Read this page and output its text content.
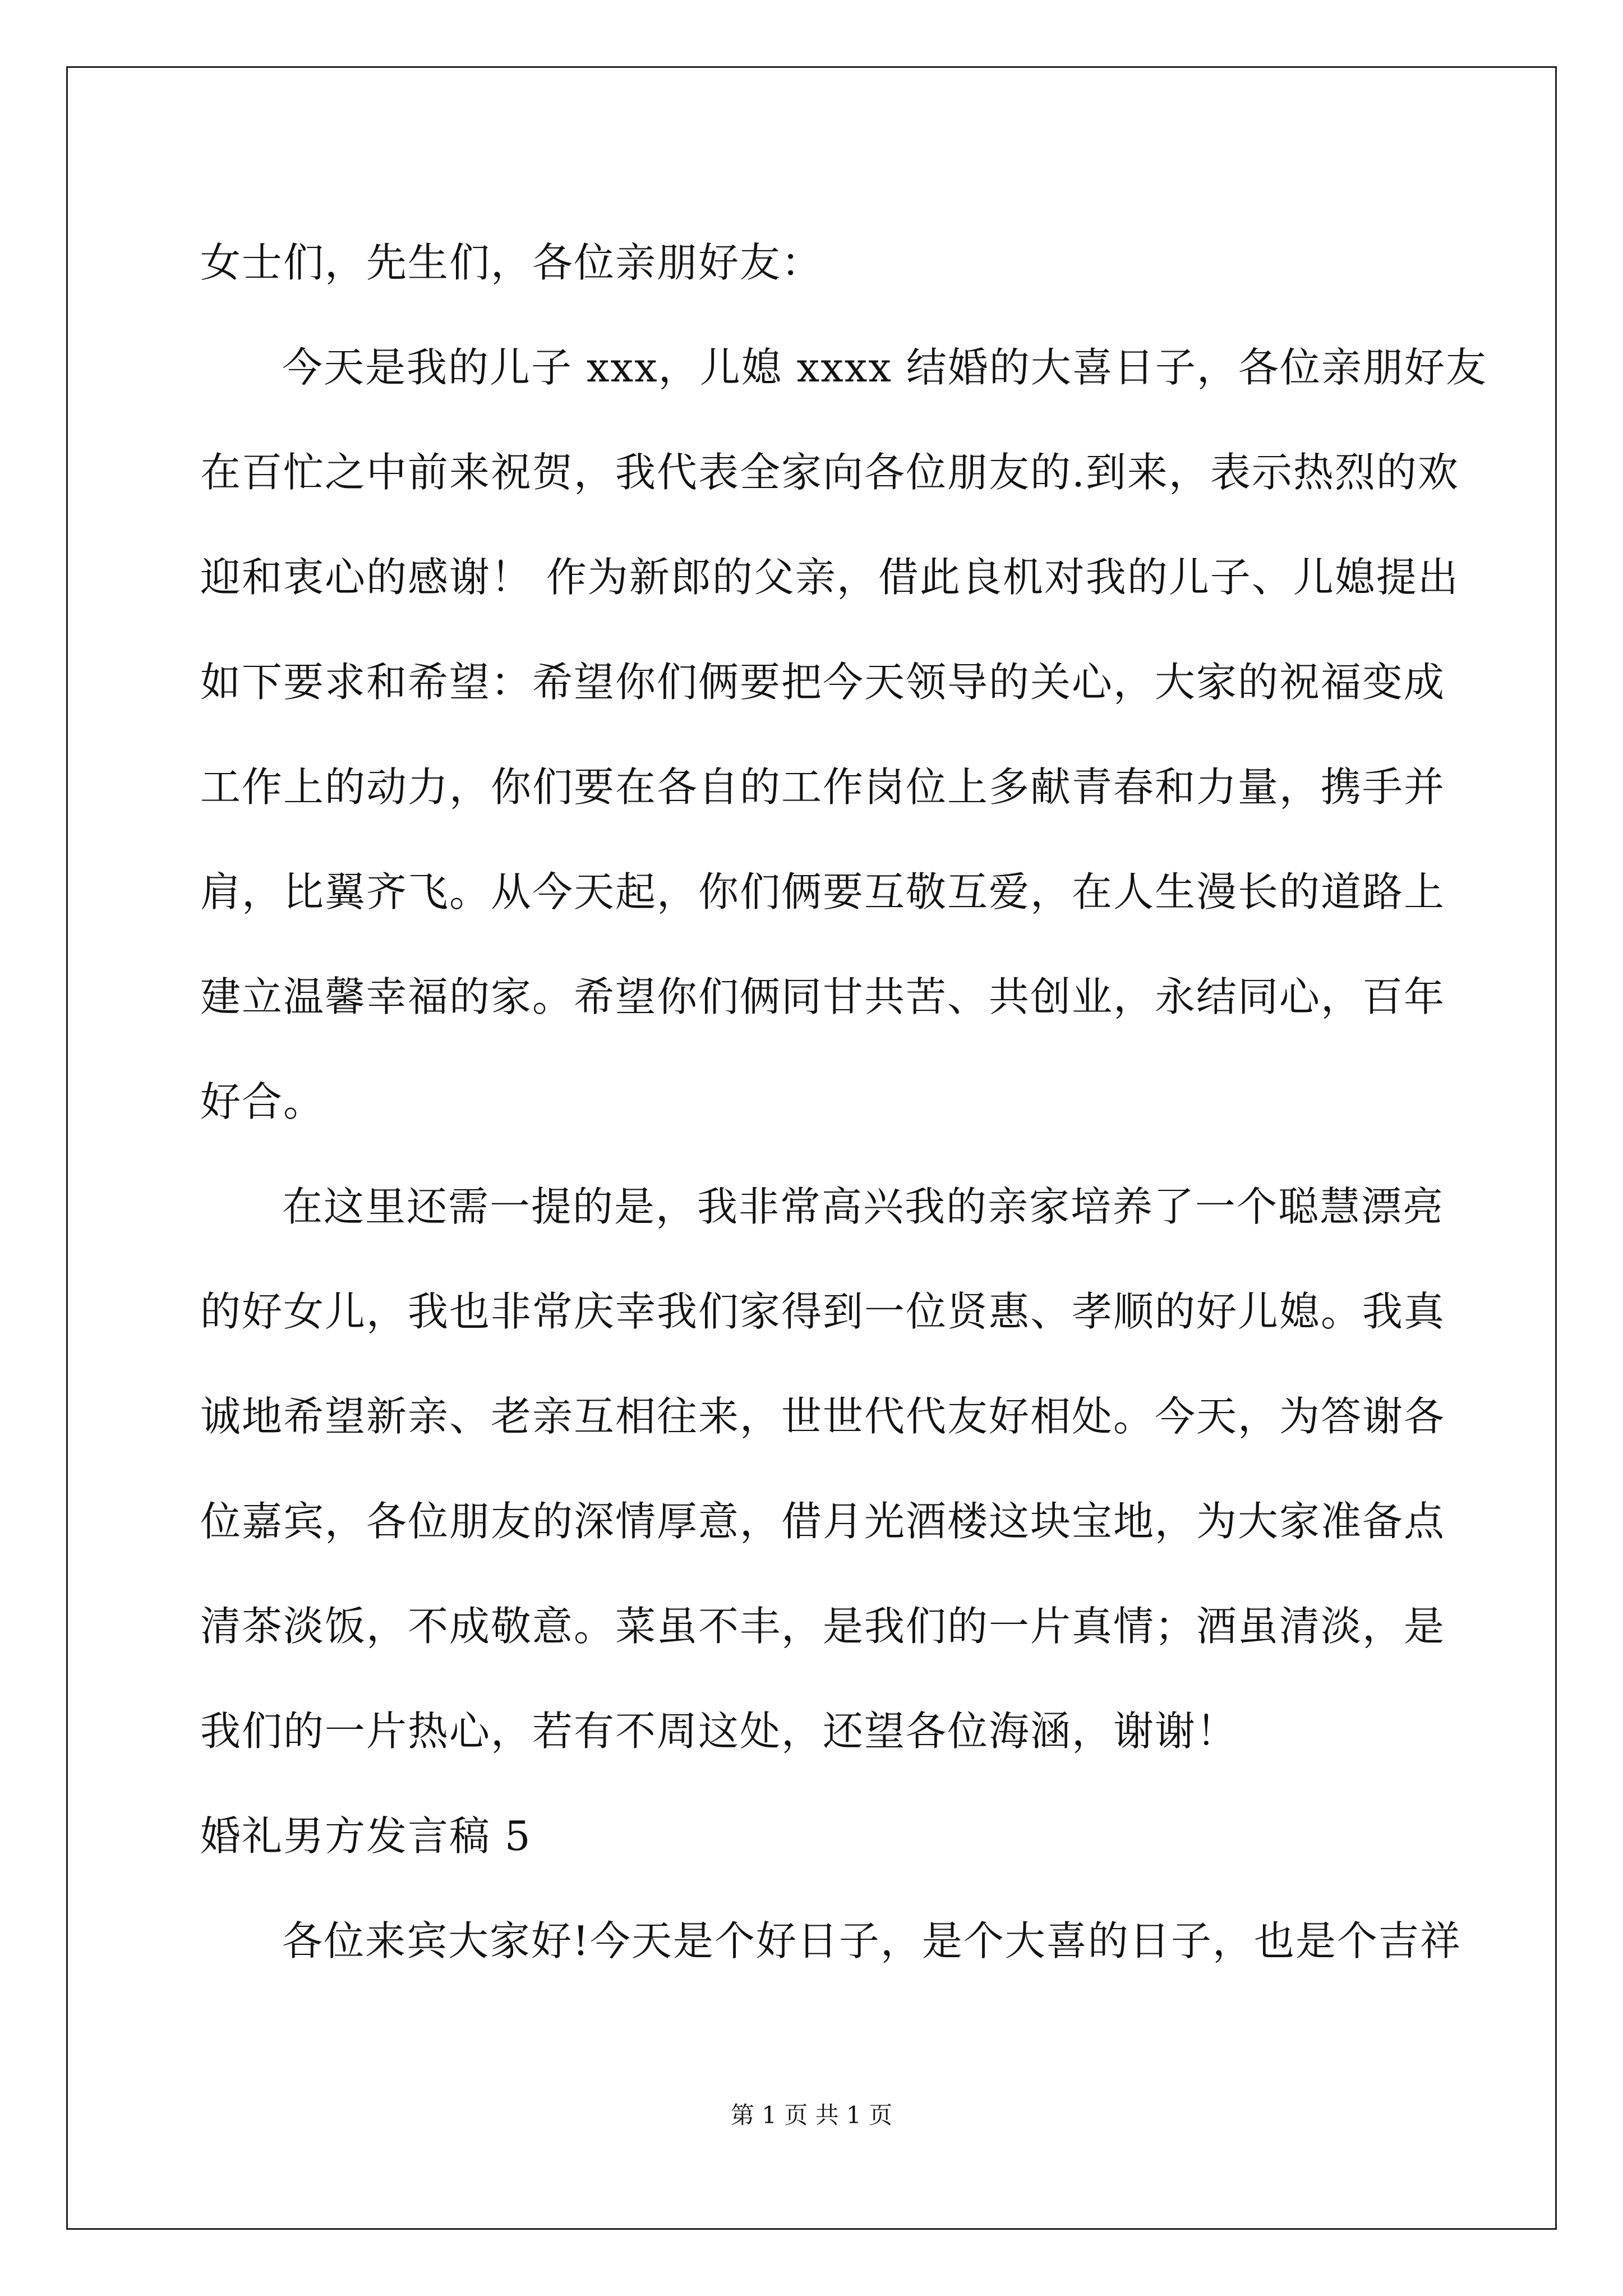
女士们，先生们，各位亲朋好友：
今天是我的儿子 xxx，儿媳 xxxx 结婚的大喜日子，各位亲朋好友
在百忙之中前来祝贺，我代表全家向各位朋友的.到来，表示热烈的欢
迎和衷心的感谢！ 作为新郎的父亲，借此良机对我的儿子、儿媳提出
如下要求和希望：希望你们俩要把今天领导的关心，大家的祝福变成
工作上的动力，你们要在各自的工作岗位上多献青春和力量，携手并
肩，比翼齐飞。从今天起，你们俩要互敬互爱，在人生漫长的道路上
建立温馨幸福的家。希望你们俩同甘共苦、共创业，永结同心，百年
好合。
在这里还需一提的是，我非常高兴我的亲家培养了一个聪慧漂亮
的好女儿，我也非常庆幸我们家得到一位贤惠、孝顺的好儿媳。我真
诚地希望新亲、老亲互相往来，世世代代友好相处。今天，为答谢各
位嘉宾，各位朋友的深情厚意，借月光酒楼这块宝地，为大家准备点
清茶淡饭，不成敬意。菜虽不丰，是我们的一片真情；酒虽清淡，是
我们的一片热心，若有不周这处，还望各位海涵，谢谢！
婚礼男方发言稿 5
各位来宾大家好!今天是个好日子，是个大喜的日子，也是个吉祥
第 1 页 共 1 页
